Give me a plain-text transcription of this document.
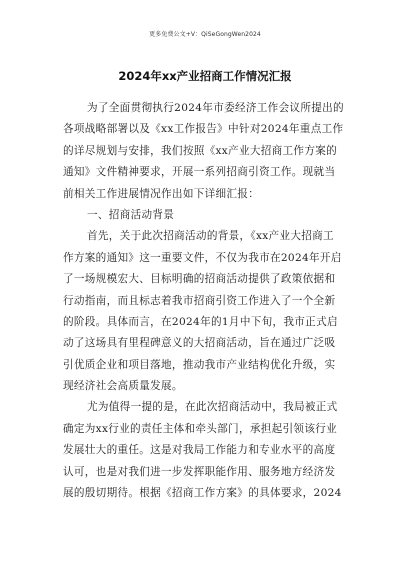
更多免费公文+V：QiSeGongWen2024
2024年xx产业招商工作情况汇报
为了全面贯彻执行2024年市委经济工作会议所提出的
各项战略部署以及《xx工作报告》中针对2024年重点工作
的详尽规划与安排，我们按照《xx产业大招商工作方案的
通知》文件精神要求，开展一系列招商引资工作。现就当
前相关工作进展情况作出如下详细汇报：
一、招商活动背景
首先，关于此次招商活动的背景，《xx产业大招商工
作方案的通知》这一重要文件，不仅为我市在2024年开启
了一场规模宏大、目标明确的招商活动提供了政策依据和
行动指南，而且标志着我市招商引资工作进入了一个全新
的阶段。具体而言，在2024年的1月中下旬，我市正式启
动了这场具有里程碑意义的大招商活动，旨在通过广泛吸
引优质企业和项目落地，推动我市产业结构优化升级，实
现经济社会高质量发展。
尤为值得一提的是，在此次招商活动中，我局被正式
确定为xx行业的责任主体和牵头部门，承担起引领该行业
发展壮大的重任。这是对我局工作能力和专业水平的高度
认可，也是对我们进一步发挥职能作用、服务地方经济发
展的殷切期待。根据《招商工作方案》的具体要求，2024
